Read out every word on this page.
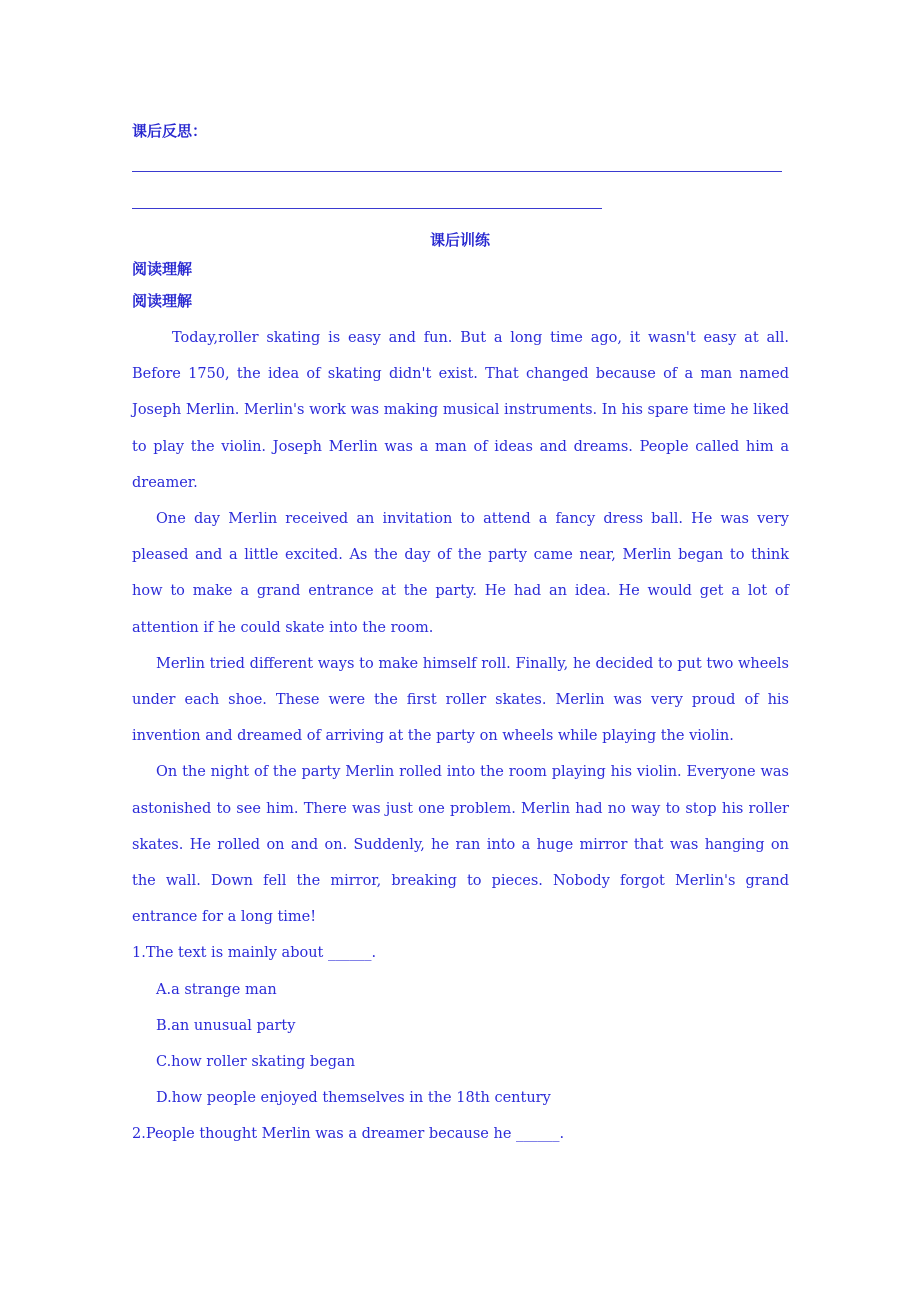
课后反思：
课后训练
阅读理解
阅读理解

Today,roller skating is easy and fun. But a long time ago, it wasn't easy at all. Before 1750, the idea of skating didn't exist. That changed because of a man named Joseph Merlin. Merlin's work was making musical instruments. In his spare time he liked to play the violin. Joseph Merlin was a man of ideas and dreams. People called him a dreamer.

One day Merlin received an invitation to attend a fancy dress ball. He was very pleased and a little excited. As the day of the party came near, Merlin began to think how to make a grand entrance at the party. He had an idea. He would get a lot of attention if he could skate into the room.

Merlin tried different ways to make himself roll. Finally, he decided to put two wheels under each shoe. These were the first roller skates. Merlin was very proud of his invention and dreamed of arriving at the party on wheels while playing the violin.

On the night of the party Merlin rolled into the room playing his violin. Everyone was astonished to see him. There was just one problem. Merlin had no way to stop his roller skates. He rolled on and on. Suddenly, he ran into a huge mirror that was hanging on the wall. Down fell the mirror, breaking to pieces. Nobody forgot Merlin's grand entrance for a long time!

1.The text is mainly about ______.
A.a strange man
B.an unusual party
C.how roller skating began
D.how people enjoyed themselves in the 18th century
2.People thought Merlin was a dreamer because he ______.
